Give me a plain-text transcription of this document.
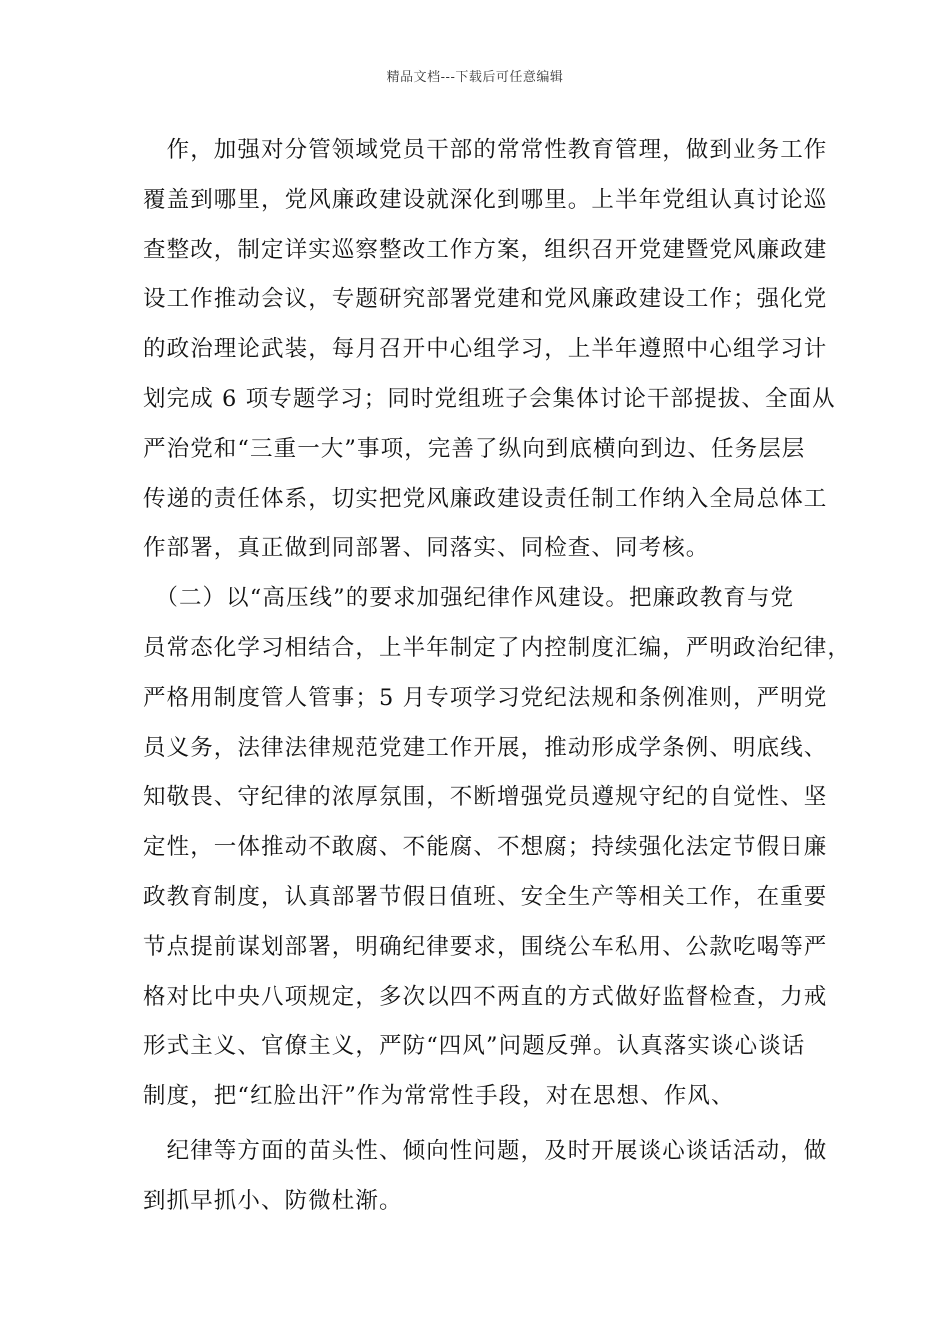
精品文档---下载后可任意编辑
　作，加强对分管领域党员干部的常常性教育管理，做到业务工作
覆盖到哪里，党风廉政建设就深化到哪里。上半年党组认真讨论巡
查整改，制定详实巡察整改工作方案，组织召开党建暨党风廉政建
设工作推动会议，专题研究部署党建和党风廉政建设工作；强化党
的政治理论武装，每月召开中心组学习，上半年遵照中心组学习计
划完成 6 项专题学习；同时党组班子会集体讨论干部提拔、全面从
严治党和“三重一大”事项，完善了纵向到底横向到边、任务层层
传递的责任体系，切实把党风廉政建设责任制工作纳入全局总体工
作部署，真正做到同部署、同落实、同检查、同考核。
　（二）以“高压线”的要求加强纪律作风建设。把廉政教育与党
员常态化学习相结合，上半年制定了内控制度汇编，严明政治纪律，
严格用制度管人管事；5 月专项学习党纪法规和条例准则，严明党
员义务，法律法律规范党建工作开展，推动形成学条例、明底线、
知敬畏、守纪律的浓厚氛围，不断增强党员遵规守纪的自觉性、坚
定性，一体推动不敢腐、不能腐、不想腐；持续强化法定节假日廉
政教育制度，认真部署节假日值班、安全生产等相关工作，在重要
节点提前谋划部署，明确纪律要求，围绕公车私用、公款吃喝等严
格对比中央八项规定，多次以四不两直的方式做好监督检查，力戒
形式主义、官僚主义，严防“四风”问题反弹。认真落实谈心谈话
制度，把“红脸出汗”作为常常性手段，对在思想、作风、
　纪律等方面的苗头性、倾向性问题，及时开展谈心谈话活动，做
到抓早抓小、防微杜渐。
